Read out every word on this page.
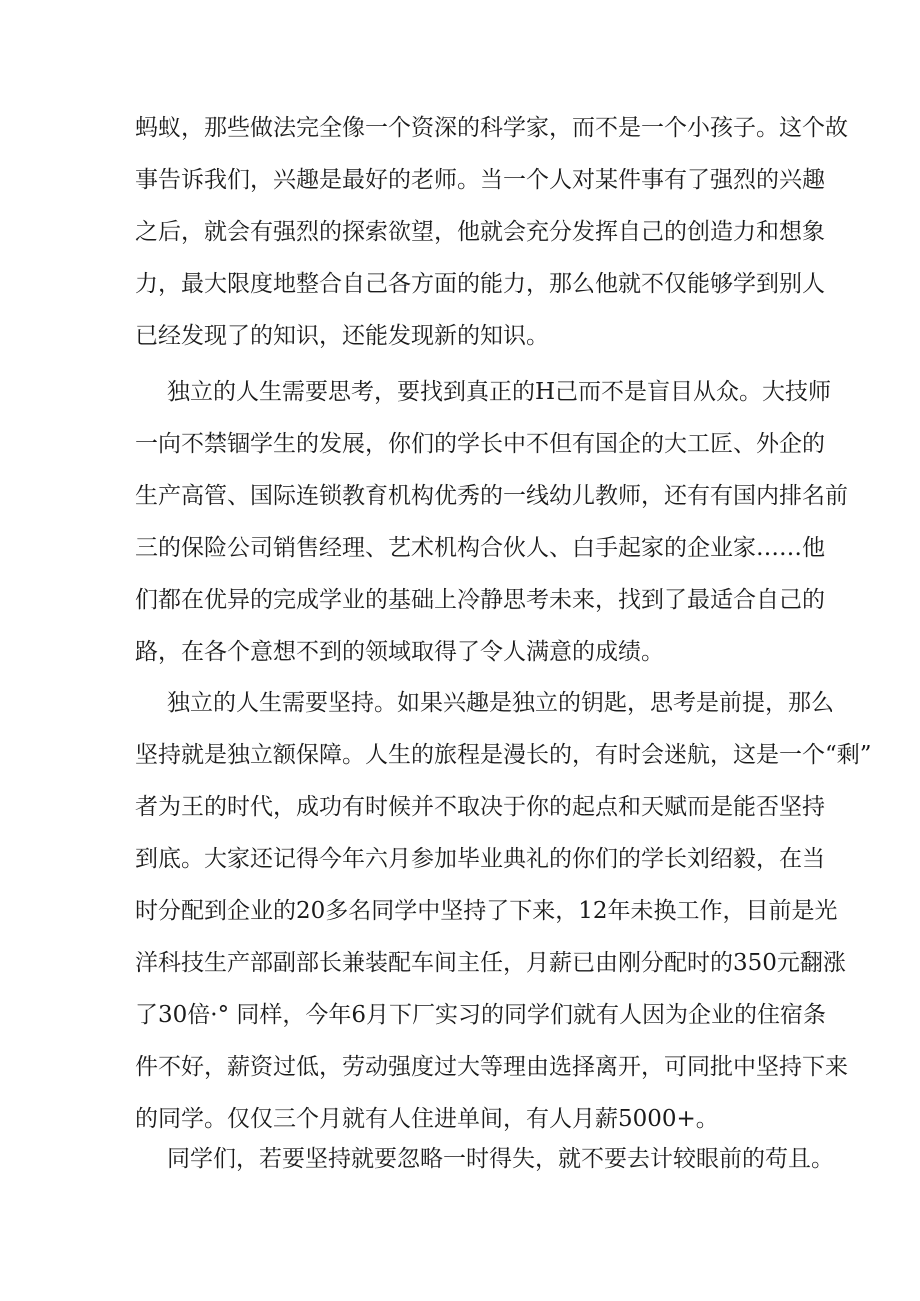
蚂蚁，那些做法完全像一个资深的科学家，而不是一个小孩子。这个故
事告诉我们，兴趣是最好的老师。当一个人对某件事有了强烈的兴趣
之后，就会有强烈的探索欲望，他就会充分发挥自己的创造力和想象
力，最大限度地整合自己各方面的能力，那么他就不仅能够学到别人
已经发现了的知识，还能发现新的知识。
独立的人生需要思考，要找到真正的H己而不是盲目从众。大技师
一向不禁锢学生的发展，你们的学长中不但有国企的大工匠、外企的
生产高管、国际连锁教育机构优秀的一线幼儿教师，还有有国内排名前
三的保险公司销售经理、艺术机构合伙人、白手起家的企业家……他
们都在优异的完成学业的基础上冷静思考未来，找到了最适合自己的
路，在各个意想不到的领域取得了令人满意的成绩。
独立的人生需要坚持。如果兴趣是独立的钥匙，思考是前提，那么
坚持就是独立额保障。人生的旅程是漫长的，有时会迷航，这是一个“剩”
者为王的时代，成功有时候并不取决于你的起点和天赋而是能否坚持
到底。大家还记得今年六月参加毕业典礼的你们的学长刘绍毅，在当
时分配到企业的20多名同学中坚持了下来，12年未换工作，目前是光
洋科技生产部副部长兼装配车间主任，月薪已由刚分配时的350元翻涨
了30倍·° 同样，今年6月下厂实习的同学们就有人因为企业的住宿条
件不好，薪资过低，劳动强度过大等理由选择离开，可同批中坚持下来
的同学。仅仅三个月就有人住进单间，有人月薪5000+。
同学们，若要坚持就要忽略一时得失，就不要去计较眼前的苟且。
